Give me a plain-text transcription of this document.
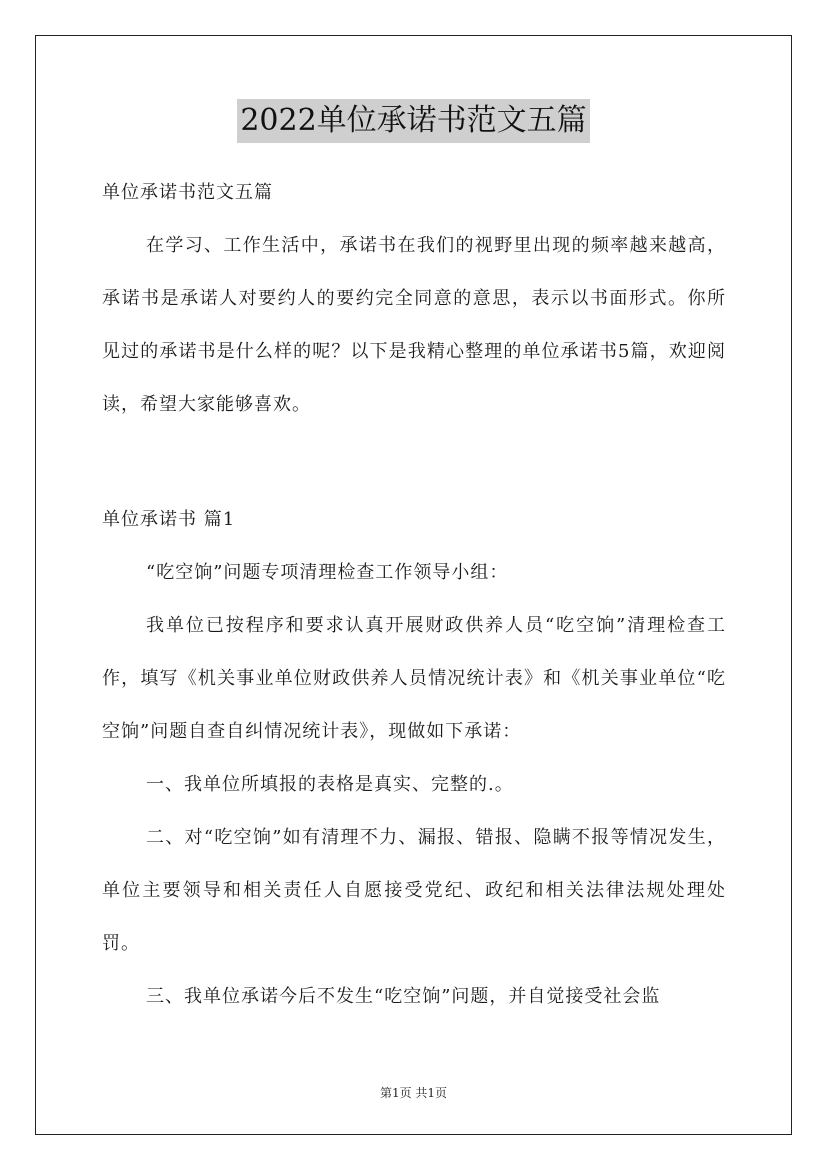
2022单位承诺书范文五篇

单位承诺书范文五篇

在学习、工作生活中，承诺书在我们的视野里出现的频率越来越高，承诺书是承诺人对要约人的要约完全同意的意思，表示以书面形式。你所见过的承诺书是什么样的呢？以下是我精心整理的单位承诺书5篇，欢迎阅读，希望大家能够喜欢。

单位承诺书 篇1

“吃空饷”问题专项清理检查工作领导小组：

我单位已按程序和要求认真开展财政供养人员“吃空饷”清理检查工作，填写《机关事业单位财政供养人员情况统计表》和《机关事业单位“吃空饷”问题自查自纠情况统计表》，现做如下承诺：

一、我单位所填报的表格是真实、完整的.。

二、对“吃空饷”如有清理不力、漏报、错报、隐瞒不报等情况发生，单位主要领导和相关责任人自愿接受党纪、政纪和相关法律法规处理处罚。

三、我单位承诺今后不发生“吃空饷”问题，并自觉接受社会监

第1页 共1页
